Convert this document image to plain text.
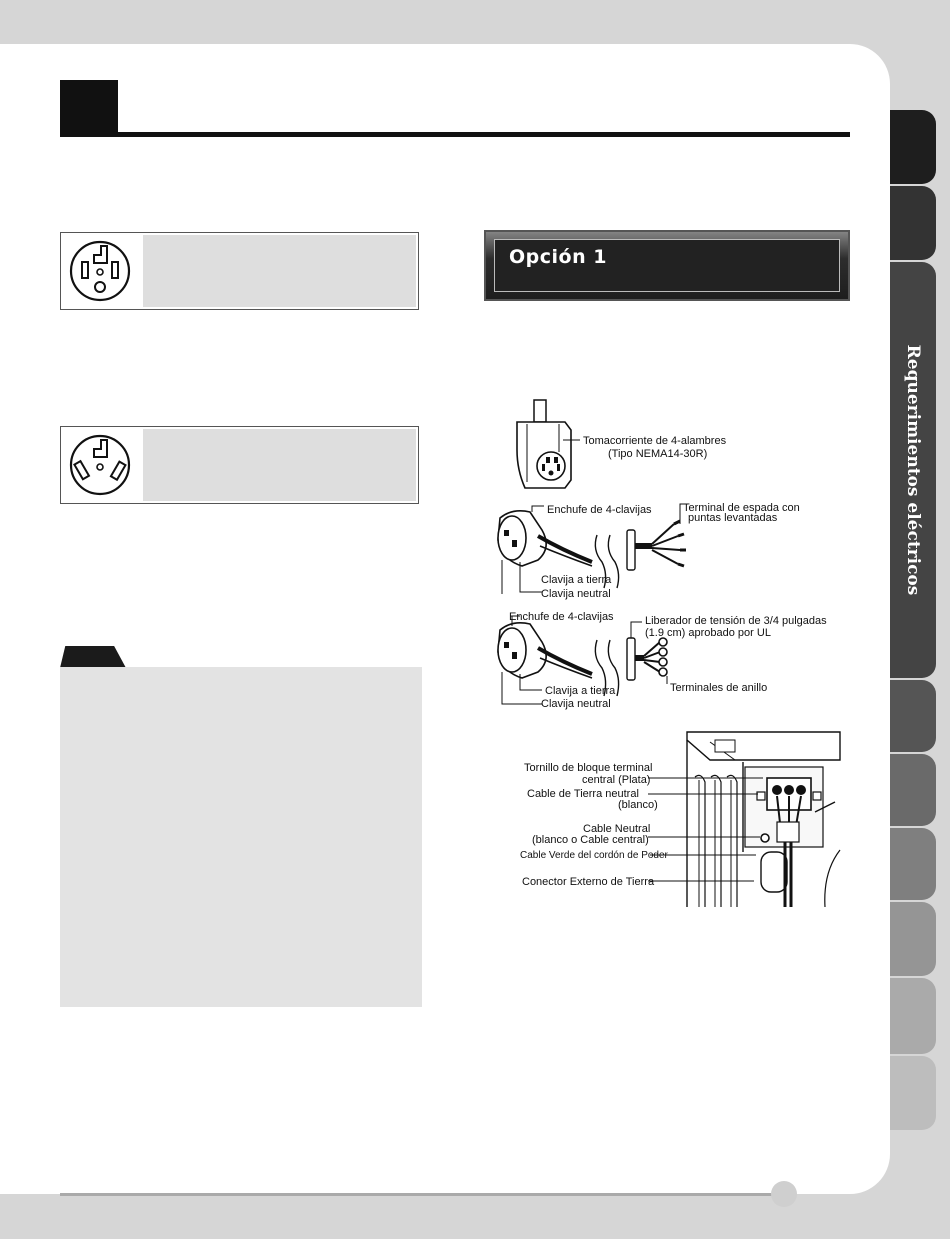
Opción 1
Tomacorriente de 4-alambres
(Tipo NEMA14-30R)
Enchufe de 4-clavijas	Terminal de espada con
puntas levantadas
Clavija a tierra
Clavija neutral
Enchufe de 4-clavijas	Liberador de tensión de 3/4 pulgadas
(1.9 cm) aprobado por UL
Terminales de anillo
Clavija a tierra
Clavija neutral
Tornillo de bloque terminal
central (Plata)
Cable de Tierra neutral
(blanco)
Cable Neutral
(blanco o Cable central)
Cable Verde del cordón de Poder
Conector Externo de Tierra
Requerimientos eléctricos
